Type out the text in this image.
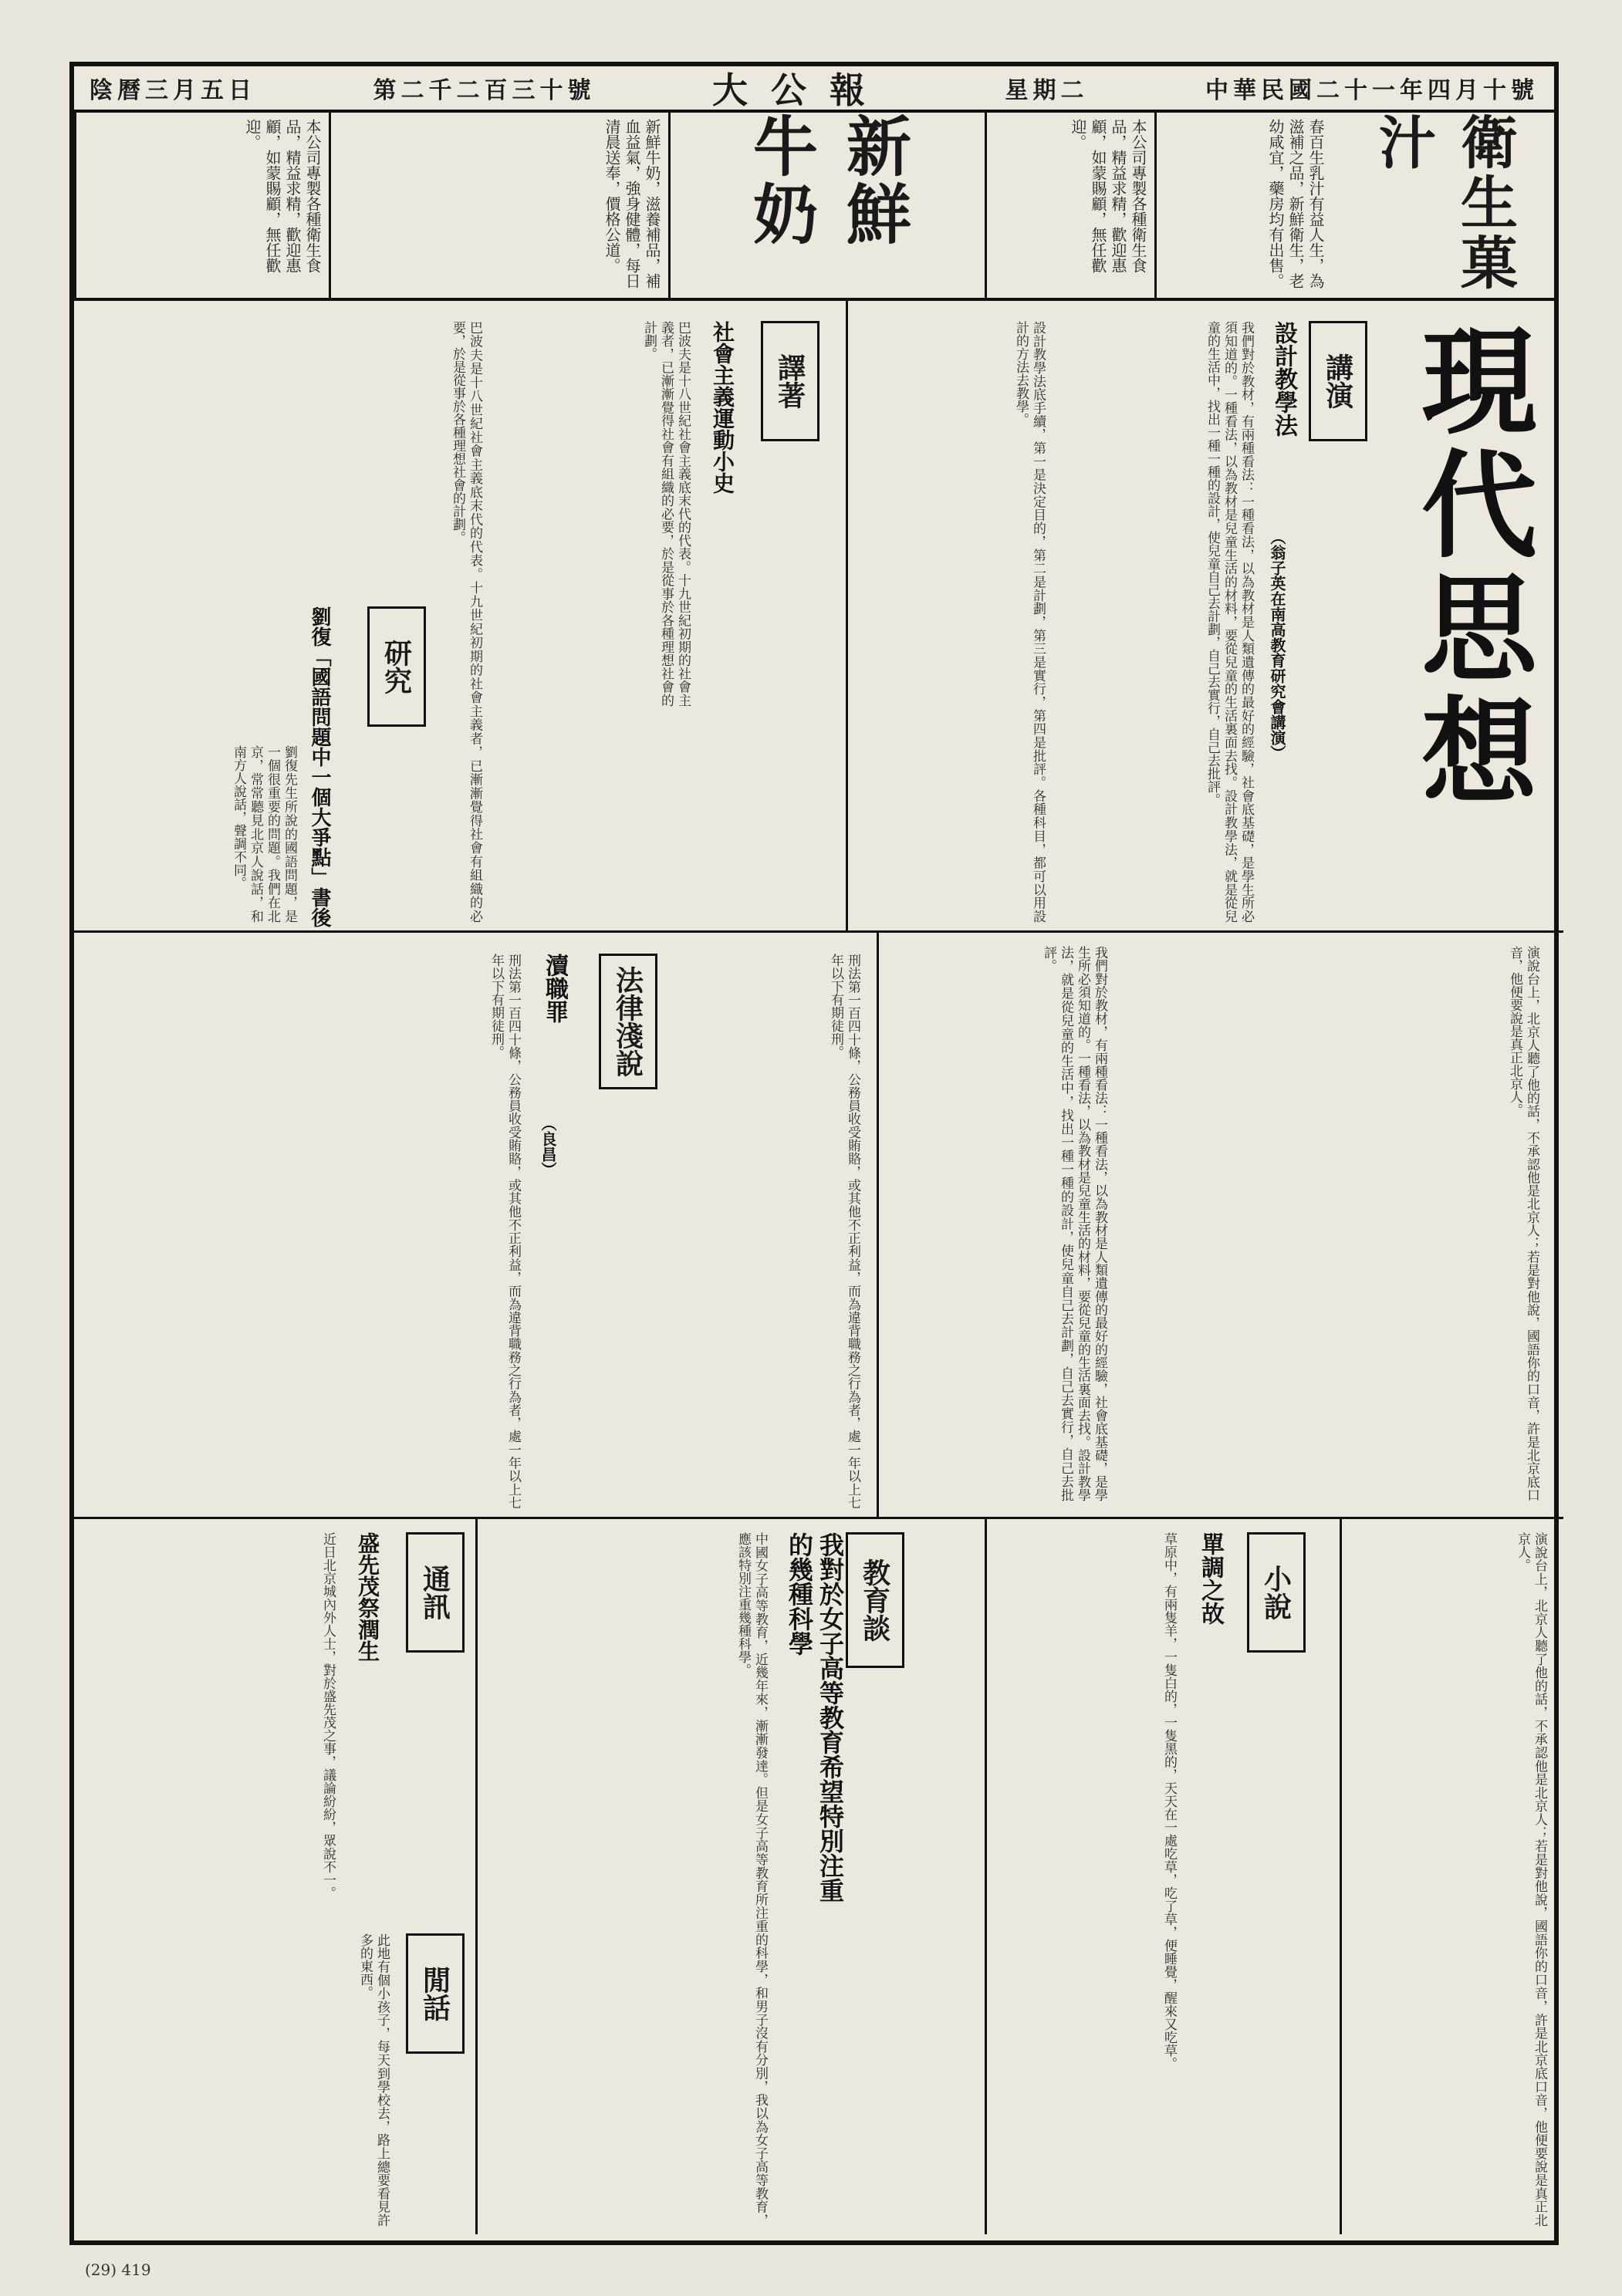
陰曆三月五日	第二千二百三十號	大公報	星期二	中華民國二十一年四月十號
衛生菓汁
春百生乳汁有益人生，為滋補之品，新鮮衛生，老幼咸宜，藥房均有出售。
本公司專製各種衛生食品，精益求精，歡迎惠顧，如蒙賜顧，無任歡迎。
新鮮牛奶
新鮮牛奶，滋養補品，補血益氣，強身健體，每日清晨送奉，價格公道。
本公司專製各種衛生食品，精益求精，歡迎惠顧，如蒙賜顧，無任歡迎。
現代思想
講演
設計教學法
（翁子英在南高教育研究會講演）
我們對於教材，有兩種看法：一種看法，以為教材是人類遺傳的最好的經驗，社會底基礎，是學生所必須知道的。一種看法，以為教材是兒童生活的材料，要從兒童的生活裏面去找。設計教學法，就是從兒童的生活中，找出一種一種的設計，使兒童自己去計劃，自己去實行，自己去批評。
設計教學法底手續，第一是決定目的，第二是計劃，第三是實行，第四是批評。各種科目，都可以用設計的方法去教學。
譯著
社會主義運動小史
巴波夫是十八世紀社會主義底末代的代表。十九世紀初期的社會主義者，已漸漸覺得社會有組織的必要，於是從事於各種理想社會的計劃。
巴波夫是十八世紀社會主義底末代的代表。十九世紀初期的社會主義者，已漸漸覺得社會有組織的必要，於是從事於各種理想社會的計劃。
研究
劉復「國語問題中一個大爭點」書後
劉復先生所說的國語問題，是一個很重要的問題。我們在北京，常常聽見北京人說話，和南方人說話，聲調不同。
演說台上，北京人聽了他的話，不承認他是北京人；若是對他說，國語你的口音，許是北京底口音，他便要說是真正北京人。
我們對於教材，有兩種看法：一種看法，以為教材是人類遺傳的最好的經驗，社會底基礎，是學生所必須知道的。一種看法，以為教材是兒童生活的材料，要從兒童的生活裏面去找。設計教學法，就是從兒童的生活中，找出一種一種的設計，使兒童自己去計劃，自己去實行，自己去批評。
法律淺說
瀆職罪
（良昌）
刑法第一百四十條，公務員收受賄賂，或其他不正利益，而為違背職務之行為者，處一年以上七年以下有期徒刑。	刑法第一百四十條，公務員收受賄賂，或其他不正利益，而為違背職務之行為者，處一年以上七年以下有期徒刑。
演說台上，北京人聽了他的話，不承認他是北京人；若是對他說，國語你的口音，許是北京底口音，他便要說是真正北京人。
小說
單調之故
草原中，有兩隻羊，一隻白的，一隻黑的，天天在一處吃草，吃了草，便睡覺，醒來又吃草。
教育談
我對於女子高等教育希望特別注重的幾種科學
中國女子高等教育，近幾年來，漸漸發達。但是女子高等教育所注重的科學，和男子沒有分別，我以為女子高等教育，應該特別注重幾種科學。
通訊
盛先茂祭潤生
近日北京城內外人士，對於盛先茂之事，議論紛紛，眾說不一。
閒話
此地有個小孩子，每天到學校去，路上總要看見許多的東西。
(29) 419
